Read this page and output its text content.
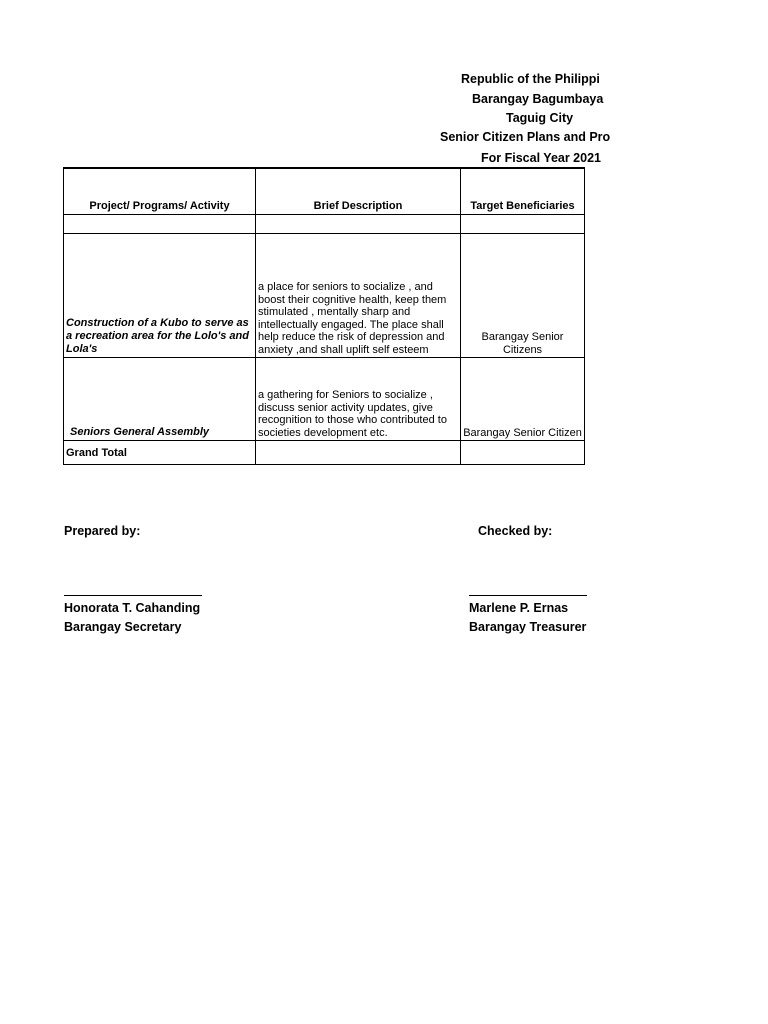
Republic of the Philippi
Barangay Bagumbaya
Taguig City
Senior Citizen Plans and Pro
For Fiscal Year 2021
Project/ Programs/ Activity	Brief Description	Target Beneficiaries

Construction of a Kubo to serve as a recreation area for the Lolo's and Lola's	a place for seniors to socialize , and boost their cognitive health, keep them stimulated , mentally sharp and intellectually engaged. The place shall help reduce the risk of depression and anxiety ,and shall uplift self esteem	Barangay Senior Citizens

Seniors General Assembly	a gathering for Seniors to socialize , discuss senior activity updates, give recognition to those who contributed to societies development etc.	Barangay Senior Citizen

Grand Total		
Prepared by:	Checked by:
Honorata T. Cahanding
Barangay Secretary
Marlene P. Ernas
Barangay Treasurer
